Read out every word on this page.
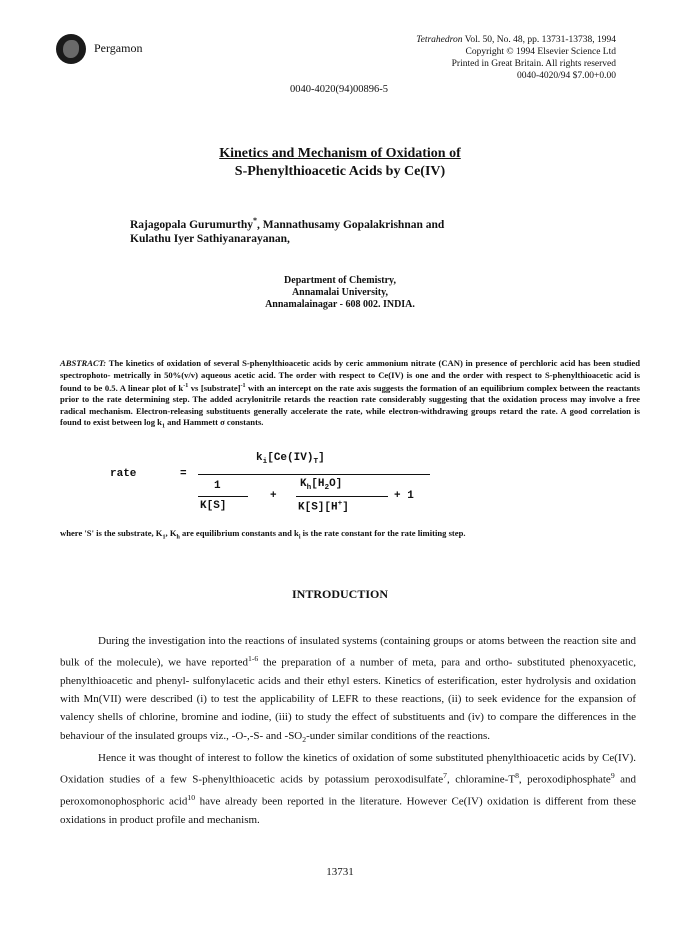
Pergamon
Tetrahedron Vol. 50, No. 48, pp. 13731-13738, 1994
Copyright © 1994 Elsevier Science Ltd
Printed in Great Britain. All rights reserved
0040-4020/94 $7.00+0.00
0040-4020(94)00896-5
Kinetics and Mechanism of Oxidation of
S-Phenylthioacetic Acids by Ce(IV)
Rajagopala Gurumurthy*, Mannathusamy Gopalakrishnan and
Kulathu Iyer Sathiyanarayanan,
Department of Chemistry,
Annamalai University,
Annamalainagar - 608 002. INDIA.
ABSTRACT: The kinetics of oxidation of several S-phenylthioacetic acids by ceric ammonium nitrate (CAN) in presence of perchloric acid has been studied spectrophoto- metrically in 50%(v/v) aqueous acetic acid. The order with respect to Ce(IV) is one and the order with respect to S-phenylthioacetic acid is found to be 0.5. A linear plot of $k^{-1}$ vs [substrate]$^{-1}$ with an intercept on the rate axis suggests the formation of an equilibrium complex between the reactants prior to the rate determining step. The added acrylonitrile retards the reaction rate considerably suggesting that the oxidation process may involve a free radical mechanism. Electron-releasing substituents generally accelerate the rate, while electron-withdrawing groups retard the rate. A good correlation is found to exist between $\log k_1$ and Hammett σ constants.
rate	=
$k_i[Ce(IV)_T]$
1
K[S]
+
$K_h[H_2O]$
K[S][H+]
+ 1
where 'S' is the substrate, $K_1$, $K_h$ are equilibrium constants and $k_i$ is the rate constant for the rate limiting step.
INTRODUCTION
During the investigation into the reactions of insulated systems (containing groups or atoms between the reaction site and bulk of the molecule), we have reported$^{1-6}$ the preparation of a number of meta, para and ortho- substituted phenoxyacetic, phenylthioacetic and phenyl- sulfonylacetic acids and their ethyl esters. Kinetics of esterification, ester hydrolysis and oxidation with Mn(VII) were described (i) to test the applicability of LEFR to these reactions, (ii) to seek evidence for the expansion of valency shells of chlorine, bromine and iodine, (iii) to study the effect of substituents and (iv) to compare the differences in the behaviour of the insulated groups viz., -O-,-S- and $-SO_2$-under similar conditions of the reactions.
Hence it was thought of interest to follow the kinetics of oxidation of some substituted phenylthioacetic acids by Ce(IV). Oxidation studies of a few S-phenylthioacetic acids by potassium peroxodisulfate$^7$, chloramine-$T^8$, peroxodiphosphate$^9$ and peroxomonophosphoric acid$^{10}$ have already been reported in the literature. However Ce(IV) oxidation is different from these oxidations in product profile and mechanism.
13731
